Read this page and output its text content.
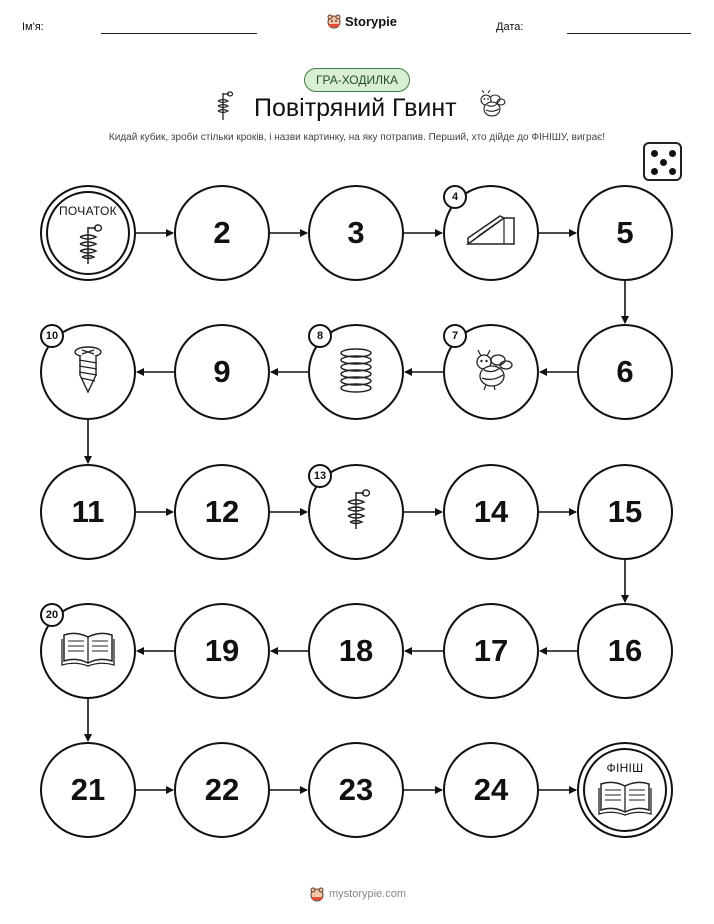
Ім'я:	Storypie	Дата:
ГРА-ХОДИЛКА
Повітряний Гвинт
Кидай кубик, зроби стільки кроків, і назви картинку, на яку потрапив. Перший, хто дійде до ФІНІШУ, виграє!
ПОЧАТОК
2	3
4
5
6
7
8
9
10
11	12
13
14	15
16
17
18
19
20
21	22	23	24
ФІНІШ
mystorypie.com
